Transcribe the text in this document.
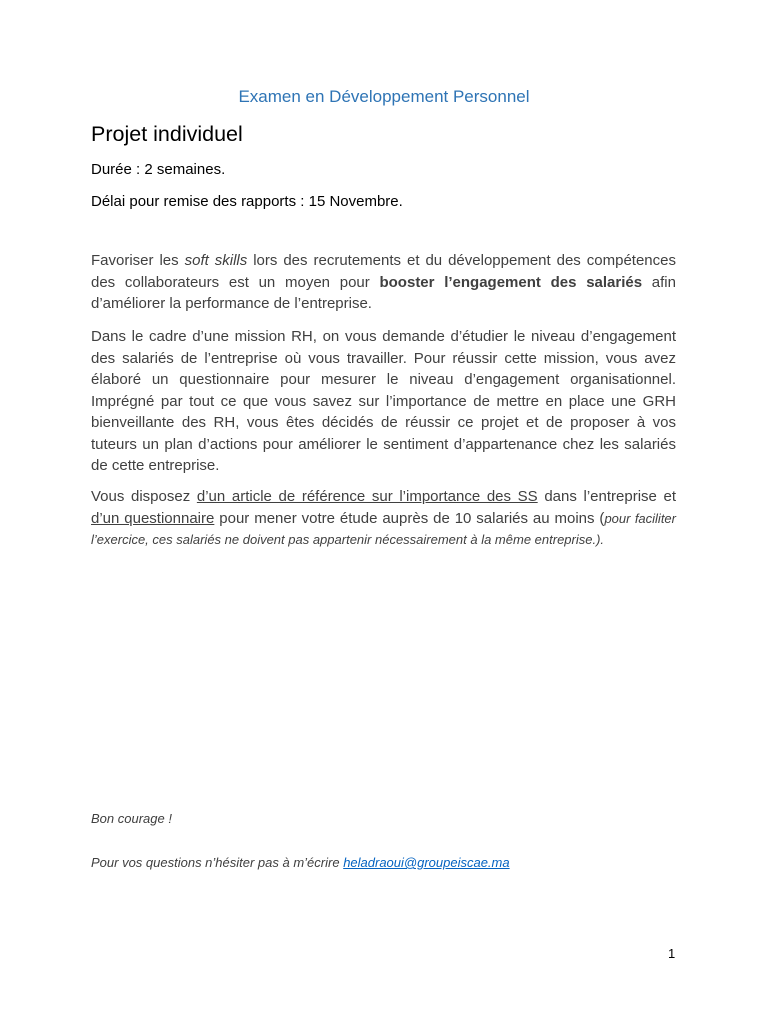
Examen en Développement Personnel
Projet individuel
Durée : 2 semaines.
Délai pour remise des rapports : 15 Novembre.

Favoriser les soft skills lors des recrutements et du développement des compétences des collaborateurs est un moyen pour booster l’engagement des salariés afin d’améliorer la performance de l’entreprise.

Dans le cadre d’une mission RH, on vous demande d’étudier le niveau d’engagement des salariés de l’entreprise où vous travailler. Pour réussir cette mission, vous avez élaboré un questionnaire pour mesurer le niveau d’engagement organisationnel. Imprégné par tout ce que vous savez sur l’importance de mettre en place une GRH bienveillante des RH, vous êtes décidés de réussir ce projet et de proposer à vos tuteurs un plan d’actions pour améliorer le sentiment d’appartenance chez les salariés de cette entreprise.

Vous disposez d’un article de référence sur l’importance des SS dans l’entreprise et d’un questionnaire pour mener votre étude auprès de 10 salariés au moins (pour faciliter l’exercice, ces salariés ne doivent pas appartenir nécessairement à la même entreprise.).

Bon courage !
Pour vos questions n’hésiter pas à m’écrire heladraoui@groupeiscae.ma
1
